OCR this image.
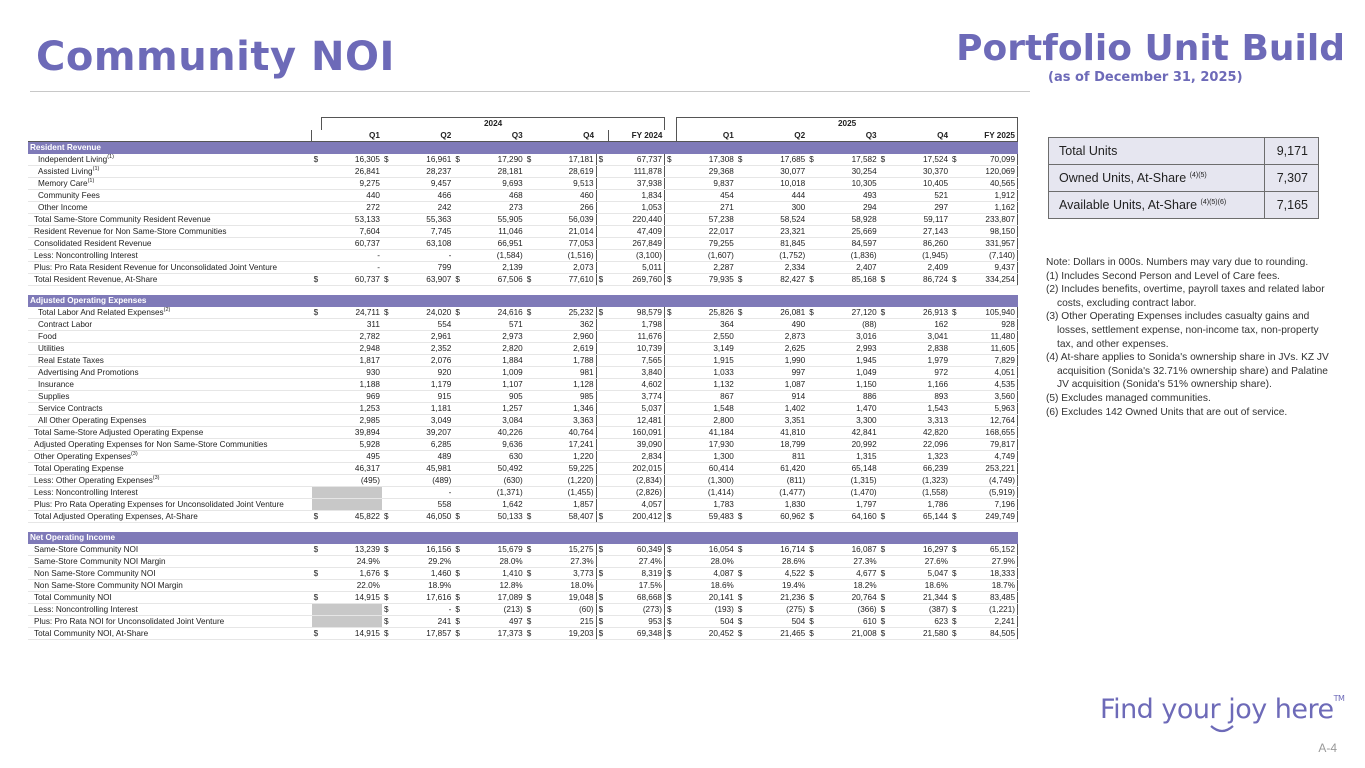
Community NOI	Portfolio Unit Build
(as of December 31, 2025)
		2024										2025								
		Q1		Q2		Q3		Q4		FY 2024		Q1		Q2		Q3		Q4		FY 2025
Resident Revenue																				
Independent Living$^{(1)}$	$	16,305	$	16,961	$	17,290	$	17,181	$	67,737	$	17,308	$	17,685	$	17,582	$	17,524	$	70,099
Assisted Living$^{(1)}$		26,841		28,237		28,181		28,619		111,878		29,368		30,077		30,254		30,370		120,069
Memory Care$^{(1)}$		9,275		9,457		9,693		9,513		37,938		9,837		10,018		10,305		10,405		40,565
Community Fees		440		466		468		460		1,834		454		444		493		521		1,912
Other Income		272		242		273		266		1,053		271		300		294		297		1,162
Total Same-Store Community Resident Revenue		53,133		55,363		55,905		56,039		220,440		57,238		58,524		58,928		59,117		233,807
Resident Revenue for Non Same-Store Communities		7,604		7,745		11,046		21,014		47,409		22,017		23,321		25,669		27,143		98,150
Consolidated Resident Revenue		60,737		63,108		66,951		77,053		267,849		79,255		81,845		84,597		86,260		331,957
Less: Noncontrolling Interest		-		-		(1,584)		(1,516)		(3,100)		(1,607)		(1,752)		(1,836)		(1,945)		(7,140)
Plus: Pro Rata Resident Revenue for Unconsolidated Joint Venture		-		799		2,139		2,073		5,011		2,287		2,334		2,407		2,409		9,437
Total Resident Revenue, At-Share	$	60,737	$	63,907	$	67,506	$	77,610	$	269,760	$	79,935	$	82,427	$	85,168	$	86,724	$	334,254

Adjusted Operating Expenses																				
Total Labor And Related Expenses$^{(2)}$	$	24,711	$	24,020	$	24,616	$	25,232	$	98,579	$	25,826	$	26,081	$	27,120	$	26,913	$	105,940
Contract Labor		311		554		571		362		1,798		364		490		(88)		162		928
Food		2,782		2,961		2,973		2,960		11,676		2,550		2,873		3,016		3,041		11,480
Utilities		2,948		2,352		2,820		2,619		10,739		3,149		2,625		2,993		2,838		11,605
Real Estate Taxes		1,817		2,076		1,884		1,788		7,565		1,915		1,990		1,945		1,979		7,829
Advertising And Promotions		930		920		1,009		981		3,840		1,033		997		1,049		972		4,051
Insurance		1,188		1,179		1,107		1,128		4,602		1,132		1,087		1,150		1,166		4,535
Supplies		969		915		905		985		3,774		867		914		886		893		3,560
Service Contracts		1,253		1,181		1,257		1,346		5,037		1,548		1,402		1,470		1,543		5,963
All Other Operating Expenses		2,985		3,049		3,084		3,363		12,481		2,800		3,351		3,300		3,313		12,764
Total Same-Store Adjusted Operating Expense		39,894		39,207		40,226		40,764		160,091		41,184		41,810		42,841		42,820		168,655
Adjusted Operating Expenses for Non Same-Store Communities		5,928		6,285		9,636		17,241		39,090		17,930		18,799		20,992		22,096		79,817
Other Operating Expenses$^{(3)}$		495		489		630		1,220		2,834		1,300		811		1,315		1,323		4,749
Total Operating Expense		46,317		45,981		50,492		59,225		202,015		60,414		61,420		65,148		66,239		253,221
Less: Other Operating Expenses$^{(3)}$		(495)		(489)		(630)		(1,220)		(2,834)		(1,300)		(811)		(1,315)		(1,323)		(4,749)
Less: Noncontrolling Interest				-		(1,371)		(1,455)		(2,826)		(1,414)		(1,477)		(1,470)		(1,558)		(5,919)
Plus: Pro Rata Operating Expenses for Unconsolidated Joint Venture				558		1,642		1,857		4,057		1,783		1,830		1,797		1,786		7,196
Total Adjusted Operating Expenses, At-Share	$	45,822	$	46,050	$	50,133	$	58,407	$	200,412	$	59,483	$	60,962	$	64,160	$	65,144	$	249,749

Net Operating Income																				
Same-Store Community NOI	$	13,239	$	16,156	$	15,679	$	15,275	$	60,349	$	16,054	$	16,714	$	16,087	$	16,297	$	65,152
Same-Store Community NOI Margin		24.9%		29.2%		28.0%		27.3%		27.4%		28.0%		28.6%		27.3%		27.6%		27.9%
Non Same-Store Community NOI	$	1,676	$	1,460	$	1,410	$	3,773	$	8,319	$	4,087	$	4,522	$	4,677	$	5,047	$	18,333
Non Same-Store Community NOI Margin		22.0%		18.9%		12.8%		18.0%		17.5%		18.6%		19.4%		18.2%		18.6%		18.7%
Total Community NOI	$	14,915	$	17,616	$	17,089	$	19,048	$	68,668	$	20,141	$	21,236	$	20,764	$	21,344	$	83,485
Less: Noncontrolling Interest			$	-	$	(213)	$	(60)	$	(273)	$	(193)	$	(275)	$	(366)	$	(387)	$	(1,221)
Plus: Pro Rata NOI for Unconsolidated Joint Venture			$	241	$	497	$	215	$	953	$	504	$	504	$	610	$	623	$	2,241
Total Community NOI, At-Share	$	14,915	$	17,857	$	17,373	$	19,203	$	69,348	$	20,452	$	21,465	$	21,008	$	21,580	$	84,505
Total Units	9,171
Owned Units, At-Share $^{(4)(5)}$	7,307
Available Units, At-Share $^{(4)(5)(6)}$	7,165
Note: Dollars in 000s. Numbers may vary due to rounding.
(1) Includes Second Person and Level of Care fees.
(2) Includes benefits, overtime, payroll taxes and related labor costs, excluding contract labor.
(3) Other Operating Expenses includes casualty gains and losses, settlement expense, non-income tax, non-property tax, and other expenses.
(4) At-share applies to Sonida's ownership share in JVs. KZ JV acquisition (Sonida's 32.71% ownership share) and Palatine JV acquisition (Sonida's 51% ownership share).
(5) Excludes managed communities.
(6) Excludes 142 Owned Units that are out of service.
Find your joy here™
A-4
